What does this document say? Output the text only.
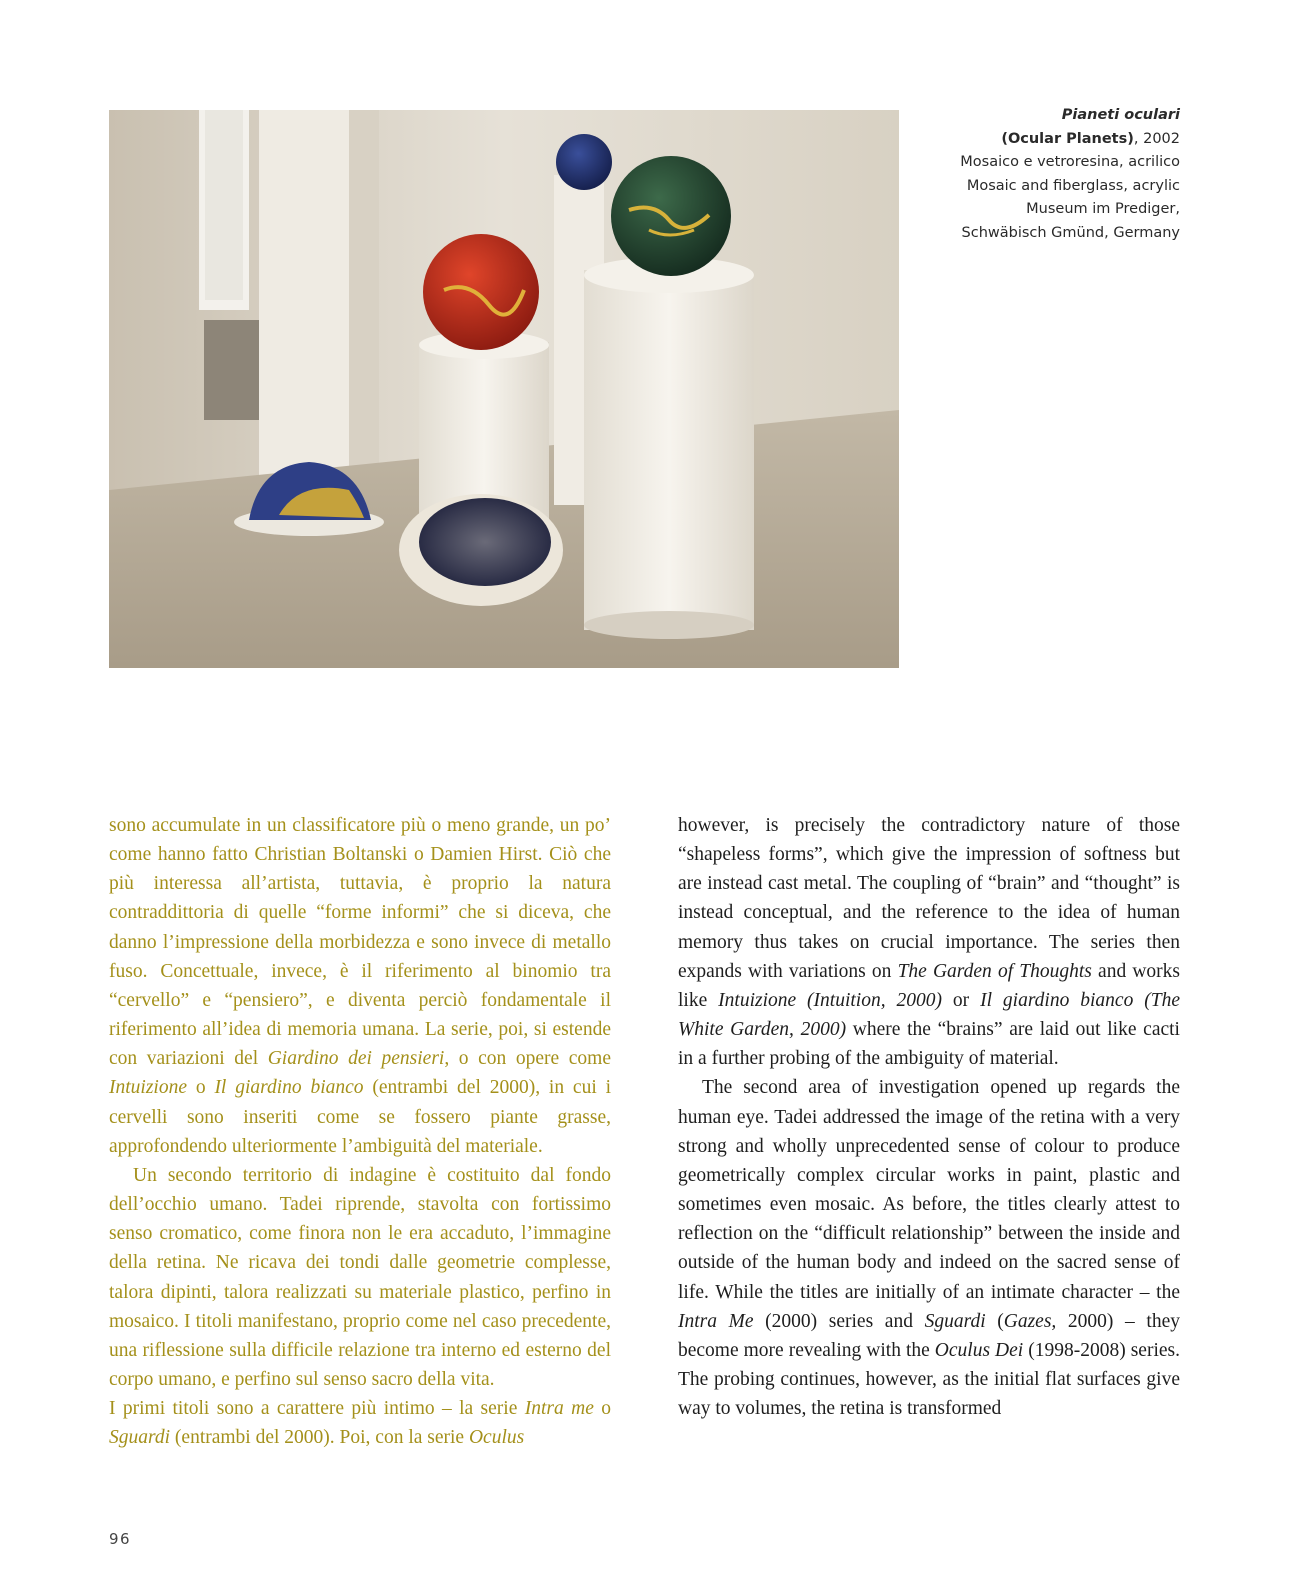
Pianeti oculari
(Ocular Planets), 2002
Mosaico e vetroresina, acrilico
Mosaic and fiberglass, acrylic
Museum im Prediger,
Schwäbisch Gmünd, Germany

sono accumulate in un classificatore più o meno grande, un po’ come hanno fatto Christian Boltanski o Damien Hirst. Ciò che più interessa all’artista, tuttavia, è proprio la natura contraddittoria di quelle “forme informi” che si diceva, che danno l’impressione della morbidezza e sono invece di metallo fuso. Concettuale, invece, è il riferimento al binomio tra “cervello” e “pensiero”, e diventa perciò fondamentale il riferimento all’idea di memoria umana. La serie, poi, si estende con variazioni del Giardino dei pensieri, o con opere come Intuizione o Il giardino bianco (entrambi del 2000), in cui i cervelli sono inseriti come se fossero piante grasse, approfondendo ulteriormente l’ambiguità del materiale.

Un secondo territorio di indagine è costituito dal fondo dell’occhio umano. Tadei riprende, stavolta con fortissimo senso cromatico, come finora non le era accaduto, l’immagine della retina. Ne ricava dei tondi dalle geometrie complesse, talora dipinti, talora realizzati su materiale plastico, perfino in mosaico. I titoli manifestano, proprio come nel caso precedente, una riflessione sulla difficile relazione tra interno ed esterno del corpo umano, e perfino sul senso sacro della vita.

I primi titoli sono a carattere più intimo – la serie Intra me o Sguardi (entrambi del 2000). Poi, con la serie Oculus

however, is precisely the contradictory nature of those “shapeless forms”, which give the impression of softness but are instead cast metal. The coupling of “brain” and “thought” is instead conceptual, and the reference to the idea of human memory thus takes on crucial importance. The series then expands with variations on The Garden of Thoughts and works like Intuizione (Intuition, 2000) or Il giardino bianco (The White Garden, 2000) where the “brains” are laid out like cacti in a further probing of the ambiguity of material.

The second area of investigation opened up regards the human eye. Tadei addressed the image of the retina with a very strong and wholly unprecedented sense of colour to produce geometrically complex circular works in paint, plastic and sometimes even mosaic. As before, the titles clearly attest to reflection on the “difficult relationship” between the inside and outside of the human body and indeed on the sacred sense of life. While the titles are initially of an intimate character – the Intra Me (2000) series and Sguardi (Gazes, 2000) – they become more revealing with the Oculus Dei (1998-2008) series. The probing continues, however, as the initial flat surfaces give way to volumes, the retina is transformed

96
